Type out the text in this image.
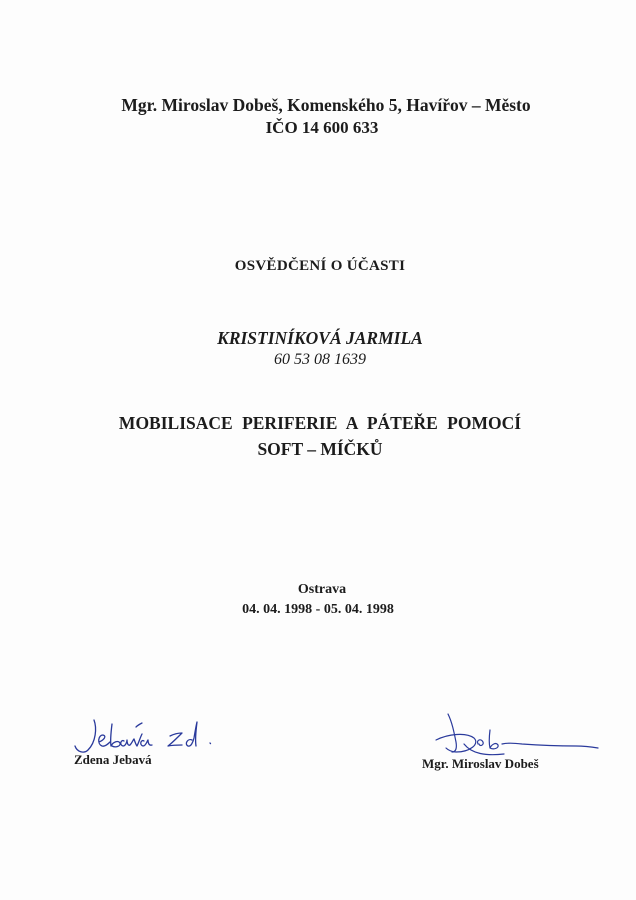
Mgr. Miroslav Dobeš, Komenského 5, Havířov – Město
IČO 14 600 633
OSVĚDČENÍ O ÚČASTI
KRISTINÍKOVÁ JARMILA
60 53 08 1639
MOBILISACE PERIFERIE A PÁTEŘE POMOCÍ
SOFT – MÍČKŮ
Ostrava
04. 04. 1998 - 05. 04. 1998
Zdena Jebavá	Mgr. Miroslav Dobeš
